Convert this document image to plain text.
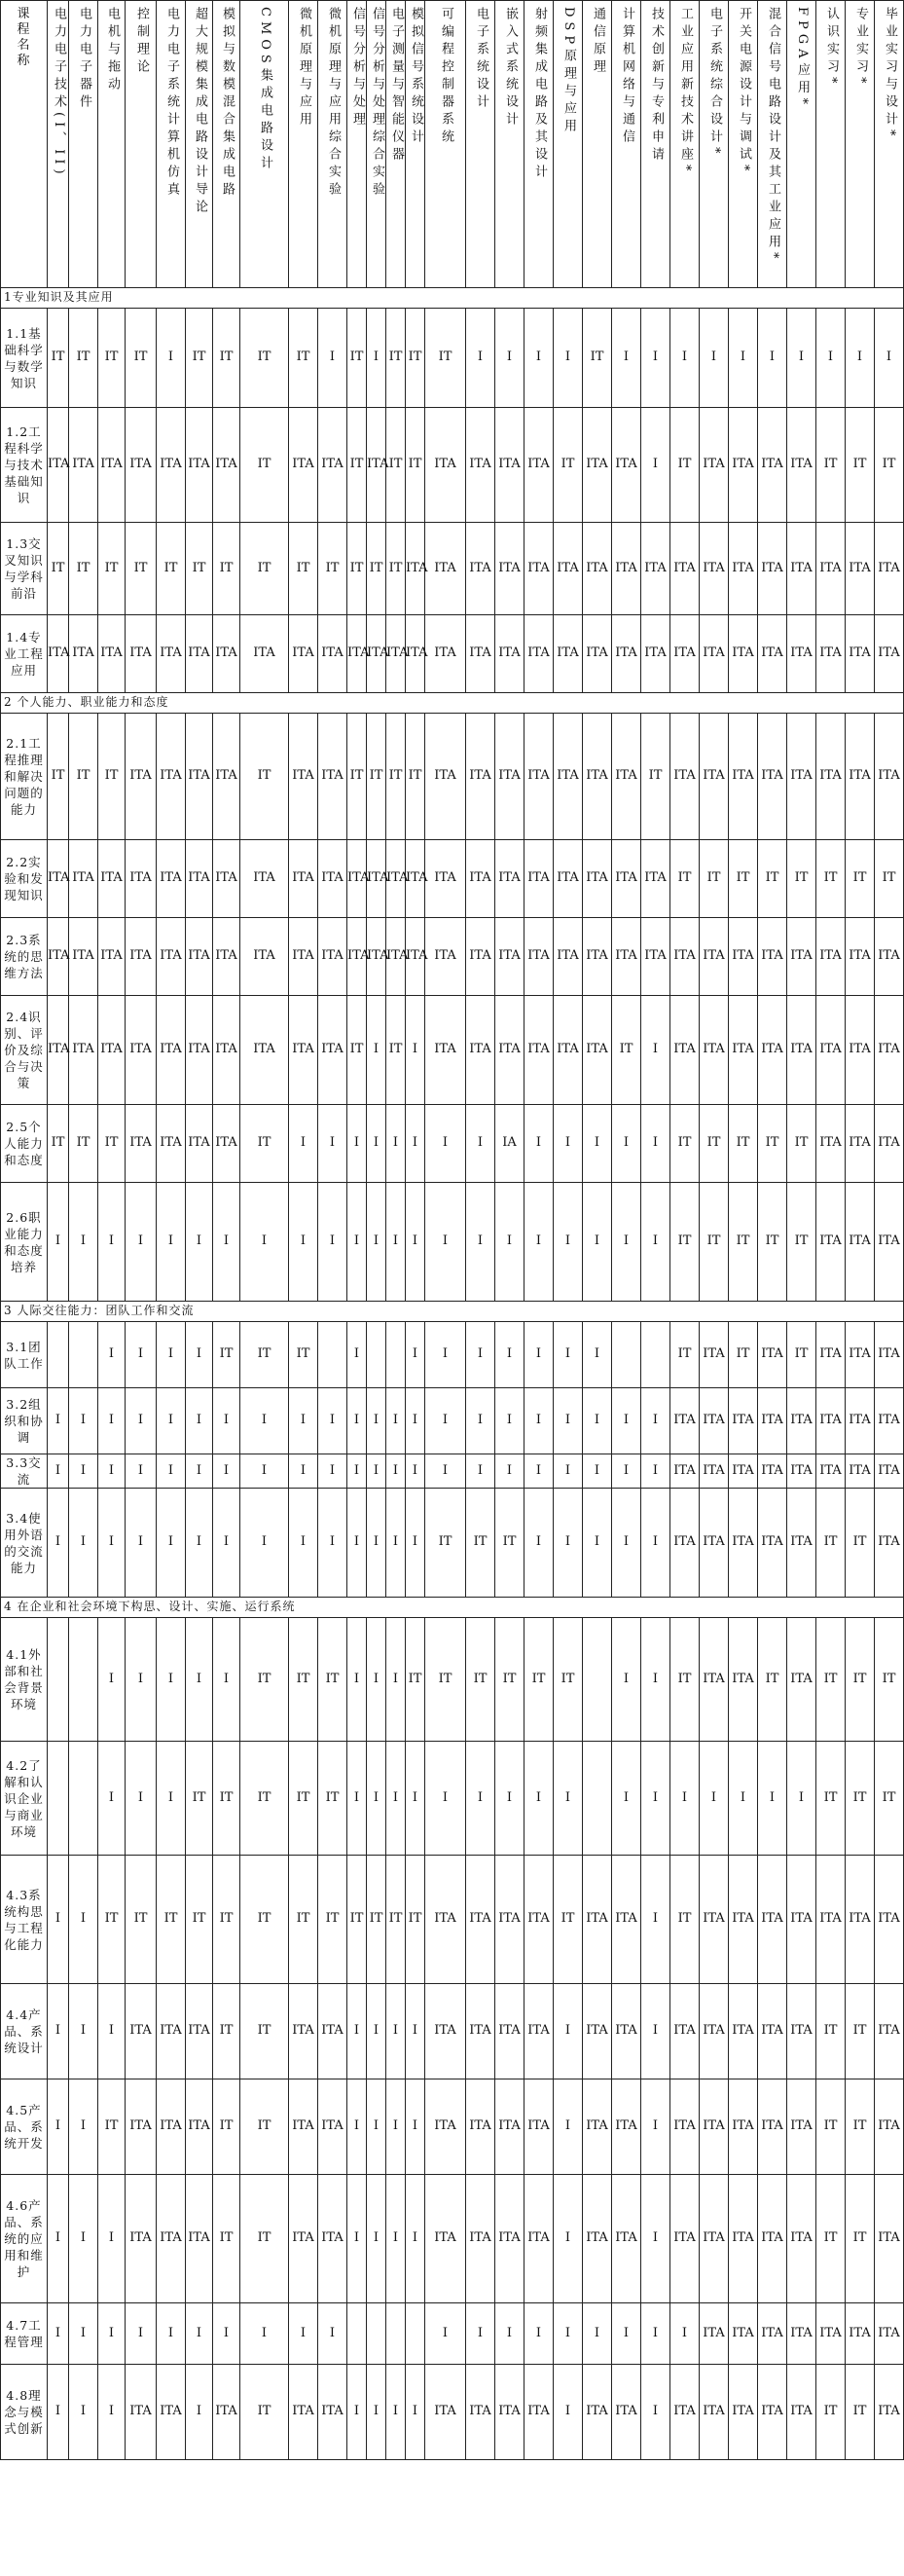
课程名称	电力电子技术(I、II)	电力电子器件	电机与拖动	控制理论	电力电子系统计算机仿真	超大规模集成电路设计导论	模拟与数模混合集成电路	CMOS集成电路设计	微机原理与应用	微机原理与应用综合实验	信号分析与处理	信号分析与处理综合实验	电子测量与智能仪器	模拟信号系统设计	可编程控制器系统	电子系统设计	嵌入式系统设计	射频集成电路及其设计	DSP原理与应用	通信原理	计算机网络与通信	技术创新与专利申请	工业应用新技术讲座*	电子系统综合设计*	开关电源设计与调试*	混合信号电路设计及其工业应用*	FPGA应用*	认识实习*	专业实习*	毕业实习与设计*
1专业知识及其应用																														
1.1基础科学与数学知识	IT	IT	IT	IT	I	IT	IT	IT	IT	I	IT	I	IT	IT	IT	I	I	I	I	IT	I	I	I	I	I	I	I	I	I	I
1.2工程科学与技术基础知识	ITA	ITA	ITA	ITA	ITA	ITA	ITA	IT	ITA	ITA	IT	ITA	IT	IT	ITA	ITA	ITA	ITA	IT	ITA	ITA	I	IT	ITA	ITA	ITA	ITA	IT	IT	IT
1.3交叉知识与学科前沿	IT	IT	IT	IT	IT	IT	IT	IT	IT	IT	IT	IT	IT	ITA	ITA	ITA	ITA	ITA	ITA	ITA	ITA	ITA	ITA	ITA	ITA	ITA	ITA	ITA	ITA	ITA
1.4专业工程应用	ITA	ITA	ITA	ITA	ITA	ITA	ITA	ITA	ITA	ITA	ITA	ITA	ITA	ITA	ITA	ITA	ITA	ITA	ITA	ITA	ITA	ITA	ITA	ITA	ITA	ITA	ITA	ITA	ITA	ITA
2 个人能力、职业能力和态度																														
2.1工程推理和解决问题的能力	IT	IT	IT	ITA	ITA	ITA	ITA	IT	ITA	ITA	IT	IT	IT	IT	ITA	ITA	ITA	ITA	ITA	ITA	ITA	IT	ITA	ITA	ITA	ITA	ITA	ITA	ITA	ITA
2.2实验和发现知识	ITA	ITA	ITA	ITA	ITA	ITA	ITA	ITA	ITA	ITA	ITA	ITA	ITA	ITA	ITA	ITA	ITA	ITA	ITA	ITA	ITA	ITA	IT	IT	IT	IT	IT	IT	IT	IT
2.3系统的思维方法	ITA	ITA	ITA	ITA	ITA	ITA	ITA	ITA	ITA	ITA	ITA	ITA	ITA	ITA	ITA	ITA	ITA	ITA	ITA	ITA	ITA	ITA	ITA	ITA	ITA	ITA	ITA	ITA	ITA	ITA
2.4识别、评价及综合与决策	ITA	ITA	ITA	ITA	ITA	ITA	ITA	ITA	ITA	ITA	IT	I	IT	I	ITA	ITA	ITA	ITA	ITA	ITA	IT	I	ITA	ITA	ITA	ITA	ITA	ITA	ITA	ITA
2.5个人能力和态度	IT	IT	IT	ITA	ITA	ITA	ITA	IT	I	I	I	I	I	I	I	I	IA	I	I	I	I	I	IT	IT	IT	IT	IT	ITA	ITA	ITA
2.6职业能力和态度培养	I	I	I	I	I	I	I	I	I	I	I	I	I	I	I	I	I	I	I	I	I	I	IT	IT	IT	IT	IT	ITA	ITA	ITA
3 人际交往能力：团队工作和交流																														
3.1团队工作			I	I	I	I	IT	IT	IT		I			I	I	I	I	I	I	I			IT	ITA	IT	ITA	IT	ITA	ITA	ITA
3.2组织和协调	I	I	I	I	I	I	I	I	I	I	I	I	I	I	I	I	I	I	I	I	I	I	ITA	ITA	ITA	ITA	ITA	ITA	ITA	ITA
3.3交流	I	I	I	I	I	I	I	I	I	I	I	I	I	I	I	I	I	I	I	I	I	I	ITA	ITA	ITA	ITA	ITA	ITA	ITA	ITA
3.4使用外语的交流能力	I	I	I	I	I	I	I	I	I	I	I	I	I	I	IT	IT	IT	I	I	I	I	I	ITA	ITA	ITA	ITA	ITA	IT	IT	ITA
4 在企业和社会环境下构思、设计、实施、运行系统																														
4.1外部和社会背景环境			I	I	I	I	I	IT	IT	IT	I	I	I	IT	IT	IT	IT	IT	IT		I	I	IT	ITA	ITA	IT	ITA	IT	IT	IT
4.2了解和认识企业与商业环境			I	I	I	IT	IT	IT	IT	IT	I	I	I	I	I	I	I	I	I		I	I	I	I	I	I	I	IT	IT	IT
4.3系统构思与工程化能力	I	I	IT	IT	IT	IT	IT	IT	IT	IT	IT	IT	IT	IT	ITA	ITA	ITA	ITA	IT	ITA	ITA	I	IT	ITA	ITA	ITA	ITA	ITA	ITA	ITA
4.4产品、系统设计	I	I	I	ITA	ITA	ITA	IT	IT	ITA	ITA	I	I	I	I	ITA	ITA	ITA	ITA	I	ITA	ITA	I	ITA	ITA	ITA	ITA	ITA	IT	IT	ITA
4.5产品、系统开发	I	I	IT	ITA	ITA	ITA	IT	IT	ITA	ITA	I	I	I	I	ITA	ITA	ITA	ITA	I	ITA	ITA	I	ITA	ITA	ITA	ITA	ITA	IT	IT	ITA
4.6产品、系统的应用和维护	I	I	I	ITA	ITA	ITA	IT	IT	ITA	ITA	I	I	I	I	ITA	ITA	ITA	ITA	I	ITA	ITA	I	ITA	ITA	ITA	ITA	ITA	IT	IT	ITA
4.7工程管理	I	I	I	I	I	I	I	I	I	I					I	I	I	I	I	I	I	I	I	ITA	ITA	ITA	ITA	ITA	ITA	ITA
4.8理念与模式创新	I	I	I	ITA	ITA	I	ITA	IT	ITA	ITA	I	I	I	I	ITA	ITA	ITA	ITA	I	ITA	ITA	I	ITA	ITA	ITA	ITA	ITA	IT	IT	ITA
